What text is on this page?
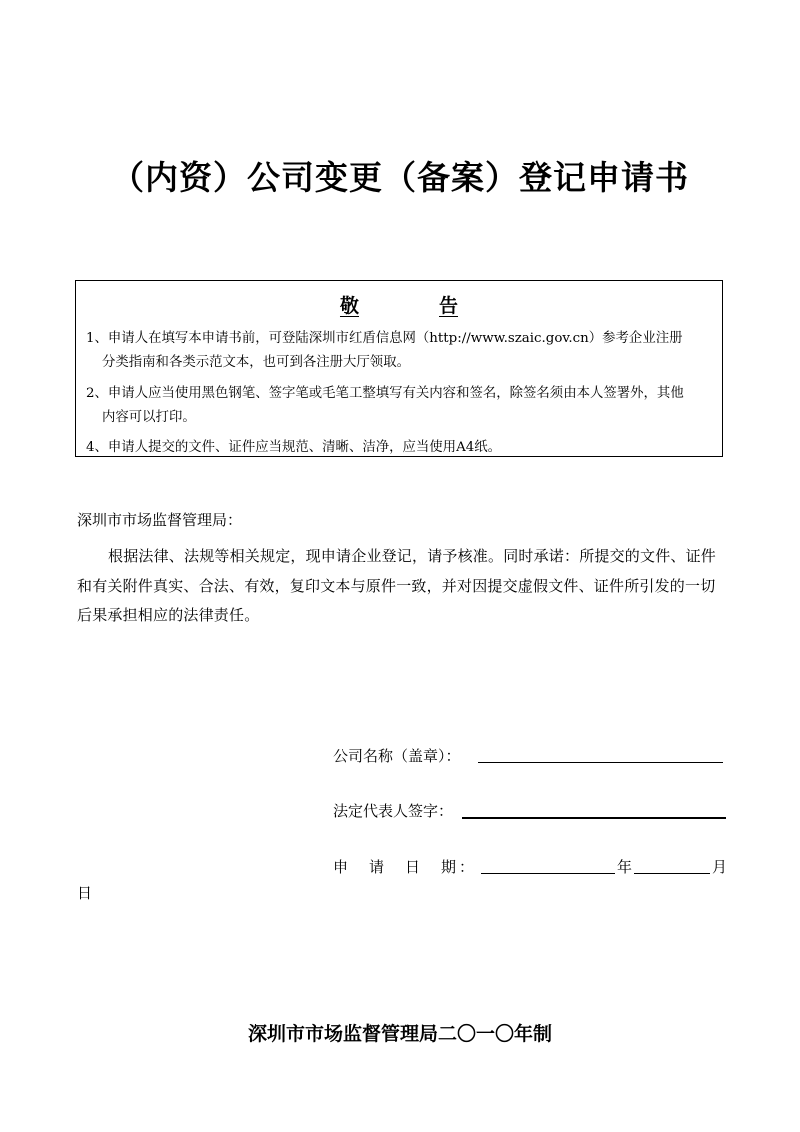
（内资）公司变更（备案）登记申请书
敬	告
1、申请人在填写本申请书前，可登陆深圳市红盾信息网（http://www.szaic.gov.cn）参考企业注册
分类指南和各类示范文本，也可到各注册大厅领取。
2、申请人应当使用黑色钢笔、签字笔或毛笔工整填写有关内容和签名，除签名须由本人签署外，其他
内容可以打印。
4、申请人提交的文件、证件应当规范、清晰、洁净，应当使用A4纸。
深圳市市场监督管理局：
根据法律、法规等相关规定，现申请企业登记，请予核准。同时承诺：所提交的文件、证件和有关附件真实、合法、有效，复印文本与原件一致，并对因提交虚假文件、证件所引发的一切后果承担相应的法律责任。
公司名称（盖章）：
法定代表人签字：
申　请　日　期：	年	月
日
深圳市市场监督管理局二〇一〇年制
